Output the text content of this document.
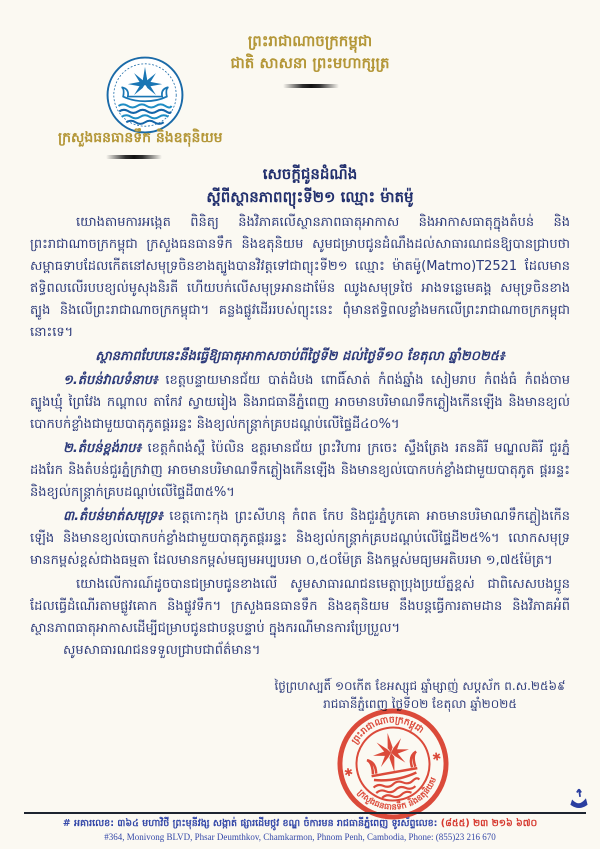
ព្រះរាជាណាចក្រកម្ពុជា
ជាតិ សាសនា ព្រះមហាក្សត្រ
ក្រសួងធនធានទឹក និងឧតុនិយម
សេចក្តីជូនដំណឹង
ស្តីពីស្ថានភាពព្យុះទី២១ ឈ្មោះ ម៉ាតម៉ូ

យោងតាមការអង្កេត ពិនិត្យ និងវិភាគលើស្ថានភាពធាតុអាកាស និងអាកាសធាតុក្នុងតំបន់ និងព្រះរាជាណាចក្រកម្ពុជា ក្រសួងធនធានទឹក និងឧតុនិយម សូមជម្រាបជូនដំណឹងដល់សាធារណជនឱ្យបានជ្រាបថា សម្ពាធទាបដែលកើតនៅសមុទ្រចិនខាងត្បូងបានវិវត្តទៅជាព្យុះទី២១ ឈ្មោះ ម៉ាតម៉ូ(Matmo)T2521 ដែលមានឥទ្ធិពលលើរបបខ្យល់មូសុងនិរតី ហើយបក់លើសមុទ្រអានដាម៉ែន ឈូងសមុទ្រថៃ អាងទន្លេមេគង្គ សមុទ្រចិនខាងត្បូង និងលើព្រះរាជាណាចក្រកម្ពុជា។ គន្លងផ្លូវដើររបស់ព្យុះនេះ ពុំមានឥទ្ធិពលខ្លាំងមកលើព្រះរាជាណាចក្រកម្ពុជានោះទេ។

ស្ថានភាពបែបនេះនឹងធ្វើឱ្យធាតុអាកាសចាប់ពីថ្ងៃទី២ ដល់ថ្ងៃទី១០ ខែតុលា ឆ្នាំ២០២៥៖

១.តំបន់វាលទំនាប៖ ខេត្តបន្ទាយមានជ័យ បាត់ដំបង ពោធិ៍សាត់ កំពង់ឆ្នាំង សៀមរាប កំពង់ធំ កំពង់ចាម ត្បូងឃ្មុំ ព្រៃវែង កណ្តាល តាកែវ ស្វាយរៀង និងរាជធានីភ្នំពេញ អាចមានបរិមាណទឹកភ្លៀងកើនឡើង និងមានខ្យល់បោកបក់ខ្លាំងជាមួយបាតុភូតផ្គររន្ទះ និងខ្យល់កន្ត្រាក់គ្របដណ្តប់លើផ្ទៃដី៤០%។

២.តំបន់ខ្ពង់រាប៖ ខេត្តកំពង់ស្ពឺ ប៉ៃលិន ឧត្តរមានជ័យ ព្រះវិហារ ក្រចេះ ស្ទឹងត្រែង រតនគិរី មណ្ឌលគិរី ជួរភ្នំដងរែក និងតំបន់ជួរភ្នំក្រវាញ អាចមានបរិមាណទឹកភ្លៀងកើនឡើង និងមានខ្យល់បោកបក់ខ្លាំងជាមួយបាតុភូត ផ្គររន្ទះ និងខ្យល់កន្ត្រាក់គ្របដណ្តប់លើផ្ទៃដី៣៥%។

៣.តំបន់មាត់សមុទ្រ៖ ខេត្តកោះកុង ព្រះសីហនុ កំពត កែប និងជួរភ្នំបូកគោ អាចមានបរិមាណទឹកភ្លៀងកើនឡើង និងមានខ្យល់បោកបក់ខ្លាំងជាមួយបាតុភូតផ្គររន្ទះ និងខ្យល់កន្ត្រាក់គ្របដណ្តប់លើផ្ទៃដី២៥%។ លោកសមុទ្រមានកម្ពស់ខ្ពស់ជាងធម្មតា ដែលមានកម្ពស់មធ្យមអប្បបរមា ០,៥០ម៉ែត្រ និងកម្ពស់មធ្យមអតិបរមា ១,៧៥ម៉ែត្រ។

យោងលើការណ៍ដូចបានជម្រាបជូនខាងលើ សូមសាធារណជនមេត្តាប្រុងប្រយ័ត្នខ្ពស់ ជាពិសេសបងប្អូនដែលធ្វើដំណើរតាមផ្លូវគោក និងផ្លូវទឹក។ ក្រសួងធនធានទឹក និងឧតុនិយម នឹងបន្តធ្វើការតាមដាន និងវិភាគអំពីស្ថានភាពធាតុអាកាសដើម្បីជម្រាបជូនជាបន្តបន្ទាប់ ក្នុងករណីមានការប្រែប្រួល។

សូមសាធារណជនទទួលជ្រាបជាព័ត៌មាន។

ថ្ងៃព្រហស្បតិ៍ ១០កើត ខែអស្សុជ ឆ្នាំម្សាញ់ សប្តស័ក ព.ស.២៥៦៩
រាជធានីភ្នំពេញ ថ្ងៃទី០២ ខែតុលា ឆ្នាំ២០២៥
ព្រះរាជាណាចក្រកម្ពុជា
ក្រសួងធនធានទឹក និងឧតុនិយម
✱
✱
# អគារលេខ: ៣៦៤ មហាវិថី ព្រះមុនីវង្ស សង្កាត់ ផ្សារដើមថ្កូវ ខណ្ឌ ចំការមន រាជធានីភ្នំពេញ ទូរស័ព្ទលេខ: (៨៥៥) ២៣ ២១៦ ៦៧០
#364, Monivong BLVD, Phsar Deumthkov, Chamkarmon, Phnom Penh, Cambodia, Phone: (855)23 216 670
